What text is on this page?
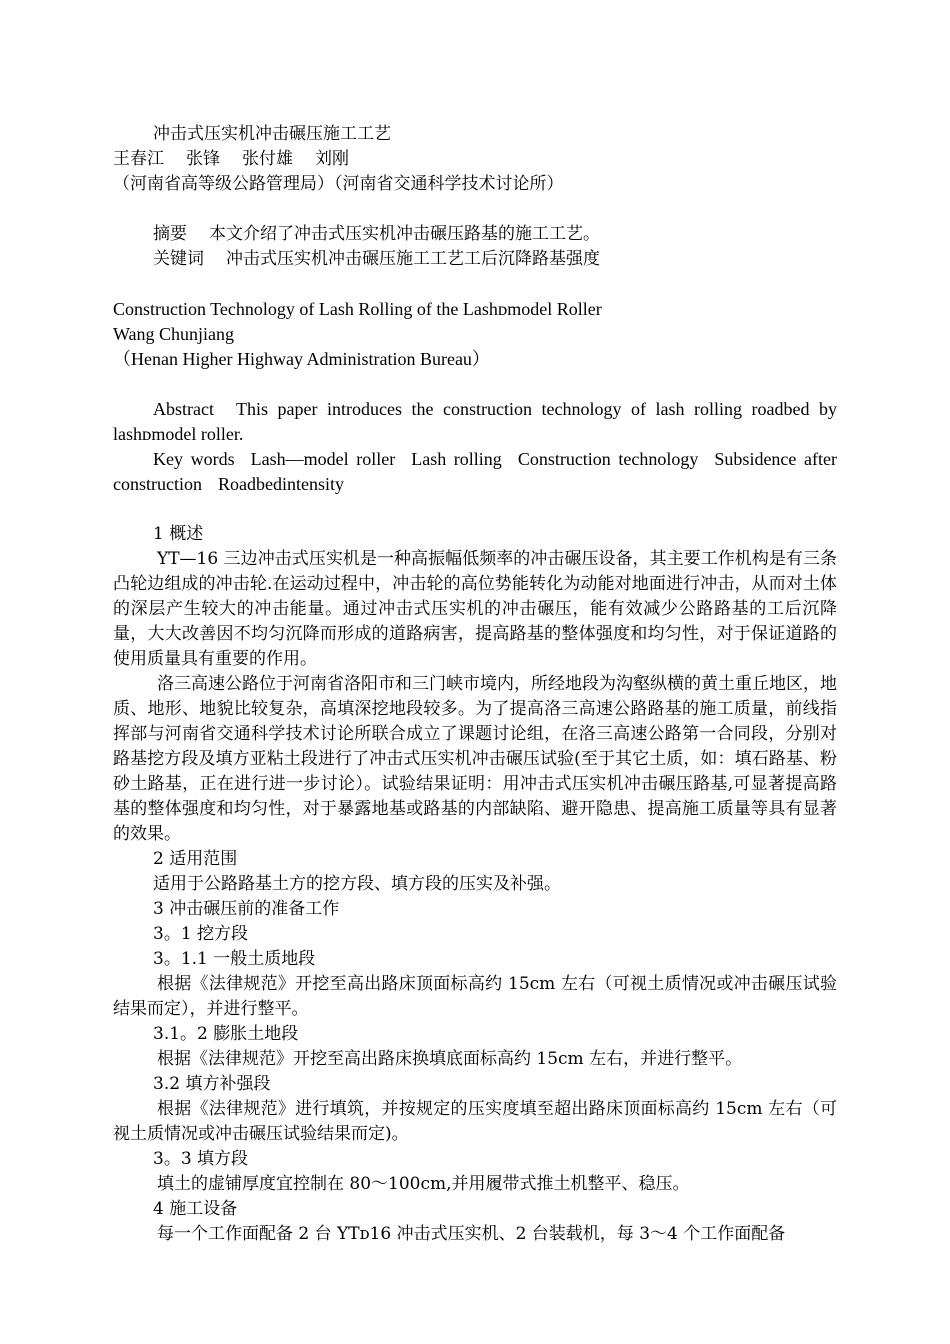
冲击式压实机冲击碾压施工工艺

王春江 张锋 张付雄 刘刚

（河南省高等级公路管理局）（河南省交通科学技术讨论所）

摘要 本文介绍了冲击式压实机冲击碾压路基的施工工艺。

关键词 冲击式压实机冲击碾压施工工艺工后沉降路基强度

Construction Technology of Lash Rolling of the Lashᴅmodel Roller

Wang Chunjiang

（Henan Higher Highway Administration Bureau）

Abstract This paper introduces the construction technology of lash rolling roadbed by lashᴅmodel roller.

Key words Lash—model roller Lash rolling Construction technology Subsidence after construction Roadbedintensity

1 概述

YT—16 三边冲击式压实机是一种高振幅低频率的冲击碾压设备，其主要工作机构是有三条凸轮边组成的冲击轮.在运动过程中，冲击轮的高位势能转化为动能对地面进行冲击，从而对土体的深层产生较大的冲击能量。通过冲击式压实机的冲击碾压，能有效减少公路路基的工后沉降量，大大改善因不均匀沉降而形成的道路病害，提高路基的整体强度和均匀性，对于保证道路的使用质量具有重要的作用。

洛三高速公路位于河南省洛阳市和三门峡市境内，所经地段为沟壑纵横的黄土重丘地区，地质、地形、地貌比较复杂，高填深挖地段较多。为了提高洛三高速公路路基的施工质量，前线指挥部与河南省交通科学技术讨论所联合成立了课题讨论组，在洛三高速公路第一合同段，分别对路基挖方段及填方亚粘土段进行了冲击式压实机冲击碾压试验(至于其它土质，如：填石路基、粉砂土路基，正在进行进一步讨论）。试验结果证明：用冲击式压实机冲击碾压路基,可显著提高路基的整体强度和均匀性，对于暴露地基或路基的内部缺陷、避开隐患、提高施工质量等具有显著的效果。

2 适用范围

适用于公路路基土方的挖方段、填方段的压实及补强。

3 冲击碾压前的准备工作

3。1 挖方段

3。1.1 一般土质地段

根据《法律规范》开挖至高出路床顶面标高约 15cm 左右（可视土质情况或冲击碾压试验结果而定），并进行整平。

3.1。2 膨胀土地段

根据《法律规范》开挖至高出路床换填底面标高约 15cm 左右，并进行整平。

3.2 填方补强段

根据《法律规范》进行填筑，并按规定的压实度填至超出路床顶面标高约 15cm 左右（可视土质情况或冲击碾压试验结果而定)。

3。3 填方段

填土的虚铺厚度宜控制在 80～100cm,并用履带式推土机整平、稳压。

4 施工设备

每一个工作面配备 2 台 YTᴅ16 冲击式压实机、2 台装载机，每 3～4 个工作面配备
